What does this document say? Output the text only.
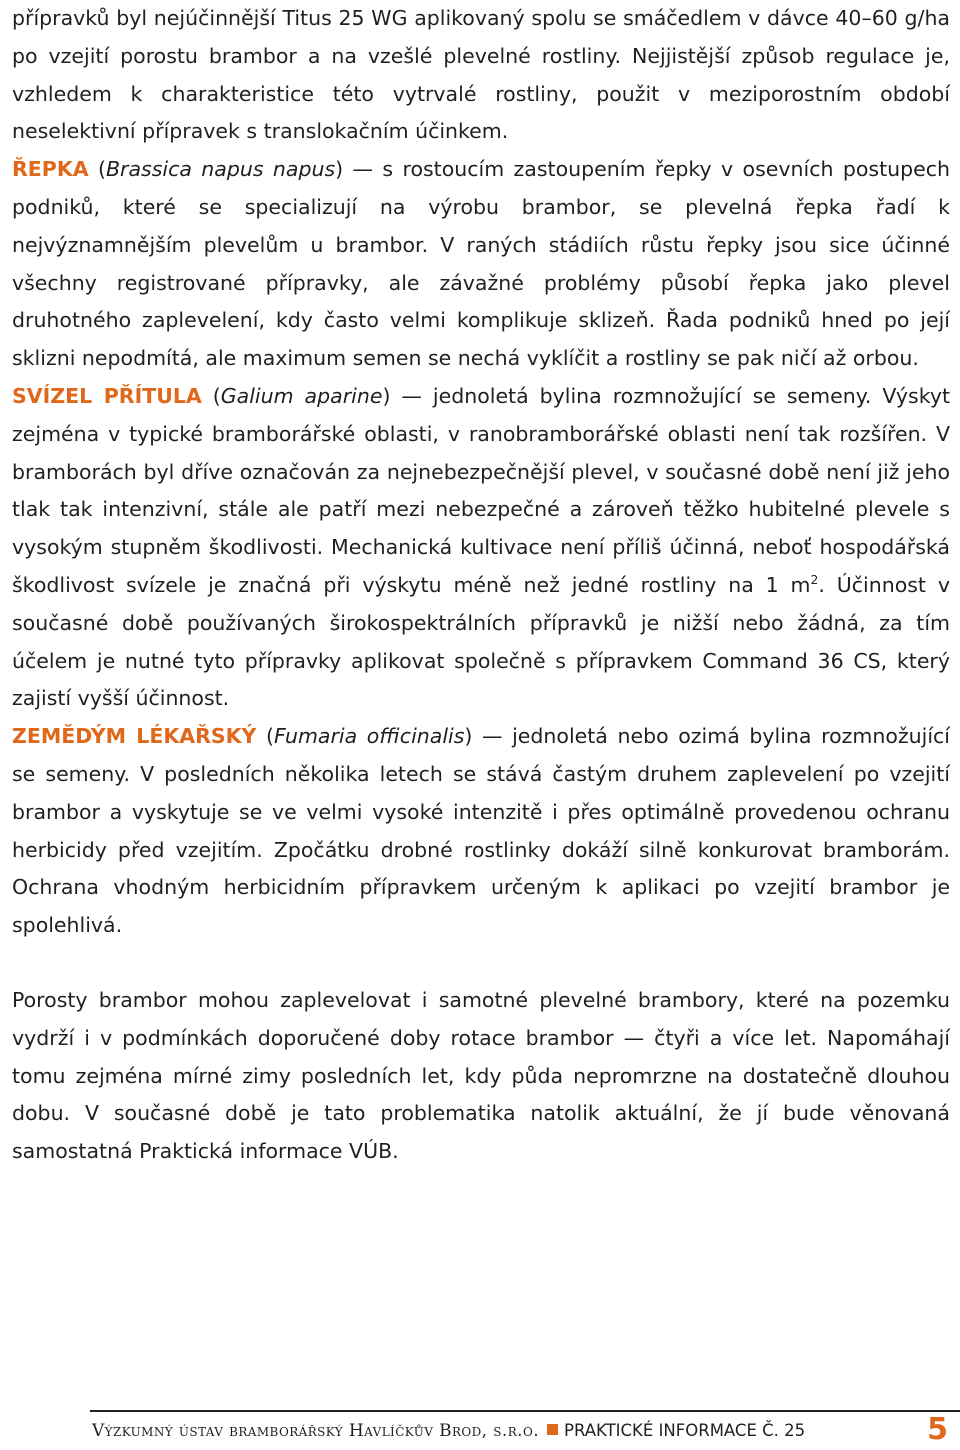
přípravků byl nejúčinnější Titus 25 WG aplikovaný spolu se smáčedlem v dávce 40–60 g/ha po vzejití porostu brambor a na vzešlé plevelné rostliny. Nejjistější způsob regulace je, vzhledem k charakteristice této vytrvalé rostliny, použit v meziporostním období neselektivní přípravek s translokačním účinkem.

ŘEPKA (Brassica napus napus) — s rostoucím zastoupením řepky v osevních postupech podniků, které se specializují na výrobu brambor, se plevelná řepka řadí k nejvýznamnějším plevelům u brambor. V raných stádiích růstu řepky jsou sice účinné všechny registrované přípravky, ale závažné problémy působí řepka jako plevel druhotného zaplevelení, kdy často velmi komplikuje sklizeň. Řada podniků hned po její sklizni nepodmítá, ale maximum semen se nechá vyklíčit a rostliny se pak ničí až orbou.

SVÍZEL PŘÍTULA (Galium aparine) — jednoletá bylina rozmnožující se semeny. Výskyt zejména v typické bramborářské oblasti, v ranobramborářské oblasti není tak rozšířen. V bramborách byl dříve označován za nejnebezpečnější plevel, v současné době není již jeho tlak tak intenzivní, stále ale patří mezi nebezpečné a zároveň těžko hubitelné plevele s vysokým stupněm škodlivosti. Mechanická kultivace není příliš účinná, neboť hospodářská škodlivost svízele je značná při výskytu méně než jedné rostliny na 1 $m^2$. Účinnost v současné době používaných širokospektrálních přípravků je nižší nebo žádná, za tím účelem je nutné tyto přípravky aplikovat společně s přípravkem Command 36 CS, který zajistí vyšší účinnost.

ZEMĚDÝM LÉKAŘSKÝ (Fumaria officinalis) — jednoletá nebo ozimá bylina rozmnožující se semeny. V posledních několika letech se stává častým druhem zaplevelení po vzejití brambor a vyskytuje se ve velmi vysoké intenzitě i přes optimálně provedenou ochranu herbicidy před vzejitím. Zpočátku drobné rostlinky dokáží silně konkurovat bramborám. Ochrana vhodným herbicidním přípravkem určeným k aplikaci po vzejití brambor je spolehlivá.

Porosty brambor mohou zaplevelovat i samotné plevelné brambory, které na pozemku vydrží i v podmínkách doporučené doby rotace brambor — čtyři a více let. Napomáhají tomu zejména mírné zimy posledních let, kdy půda nepromrzne na dostatečně dlouhou dobu. V současné době je tato problematika natolik aktuální, že jí bude věnovaná samostatná Praktická informace VÚB.

Výzkumný ústav bramborářský Havlíčkův Brod, s.r.o. PRAKTICKÉ INFORMACE Č. 25	5
